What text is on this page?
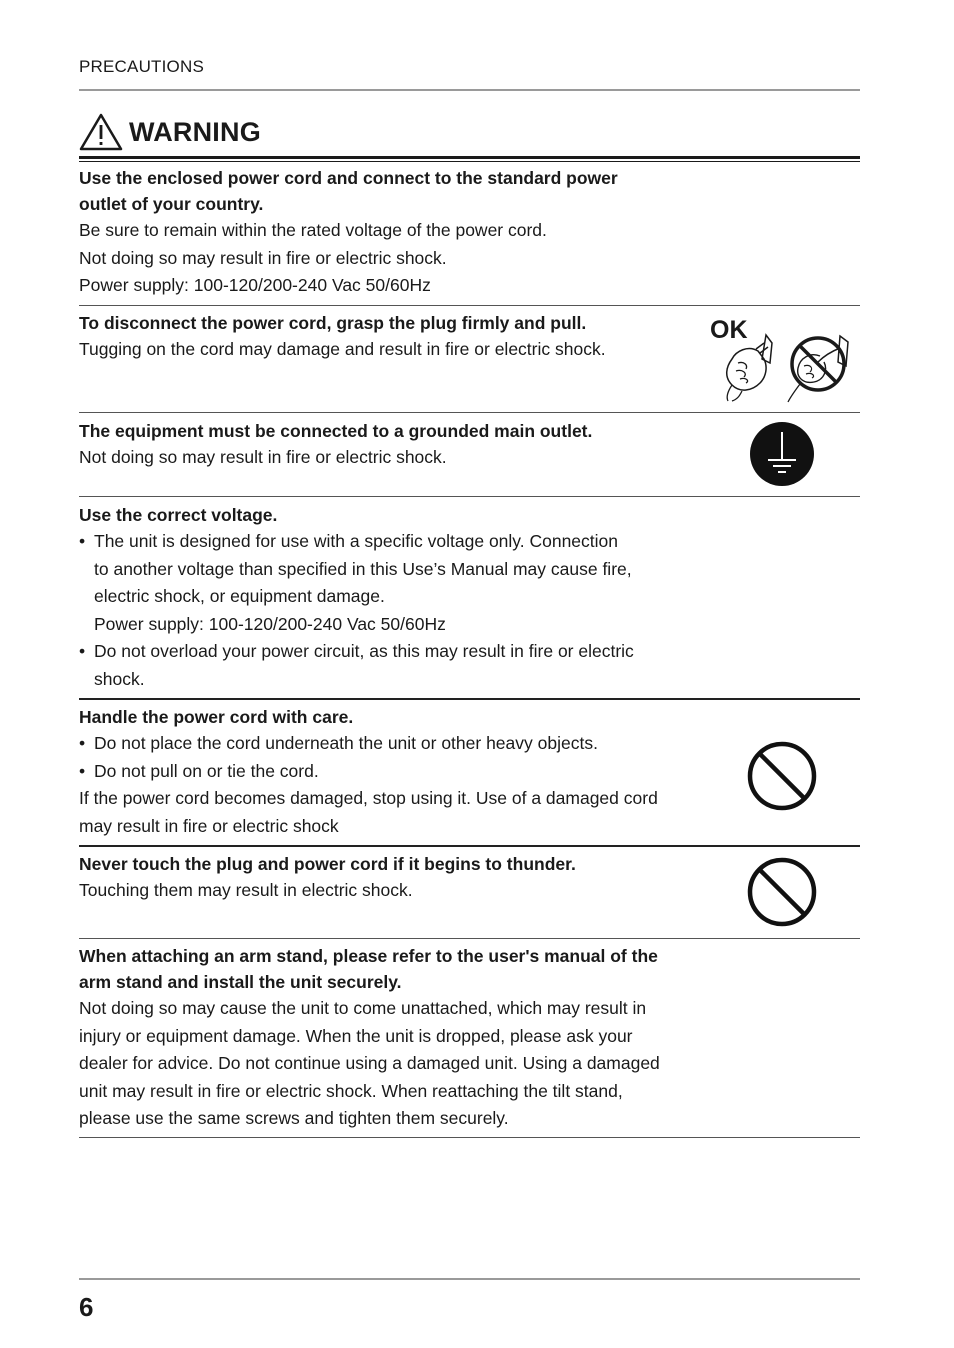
PRECAUTIONS
WARNING
Use the enclosed power cord and connect to the standard power
outlet of your country.
Be sure to remain within the rated voltage of the power cord.
Not doing so may result in fire or electric shock.
Power supply: 100-120/200-240 Vac 50/60Hz
To disconnect the power cord, grasp the plug firmly and pull.
Tugging on the cord may damage and result in fire or electric shock.
OK
The equipment must be connected to a grounded main outlet.
Not doing so may result in fire or electric shock.
Use the correct voltage.
• The unit is designed for use with a specific voltage only. Connection
to another voltage than specified in this Use’s Manual may cause fire,
electric shock, or equipment damage.
Power supply: 100-120/200-240 Vac 50/60Hz
• Do not overload your power circuit, as this may result in fire or electric
shock.
Handle the power cord with care.
• Do not place the cord underneath the unit or other heavy objects.
• Do not pull on or tie the cord.
If the power cord becomes damaged, stop using it. Use of a damaged cord
may result in fire or electric shock
Never touch the plug and power cord if it begins to thunder.
Touching them may result in electric shock.
When attaching an arm stand, please refer to the user's manual of the
arm stand and install the unit securely.
Not doing so may cause the unit to come unattached, which may result in
injury or equipment damage. When the unit is dropped, please ask your
dealer for advice. Do not continue using a damaged unit. Using a damaged
unit may result in fire or electric shock. When reattaching the tilt stand,
please use the same screws and tighten them securely.
6
